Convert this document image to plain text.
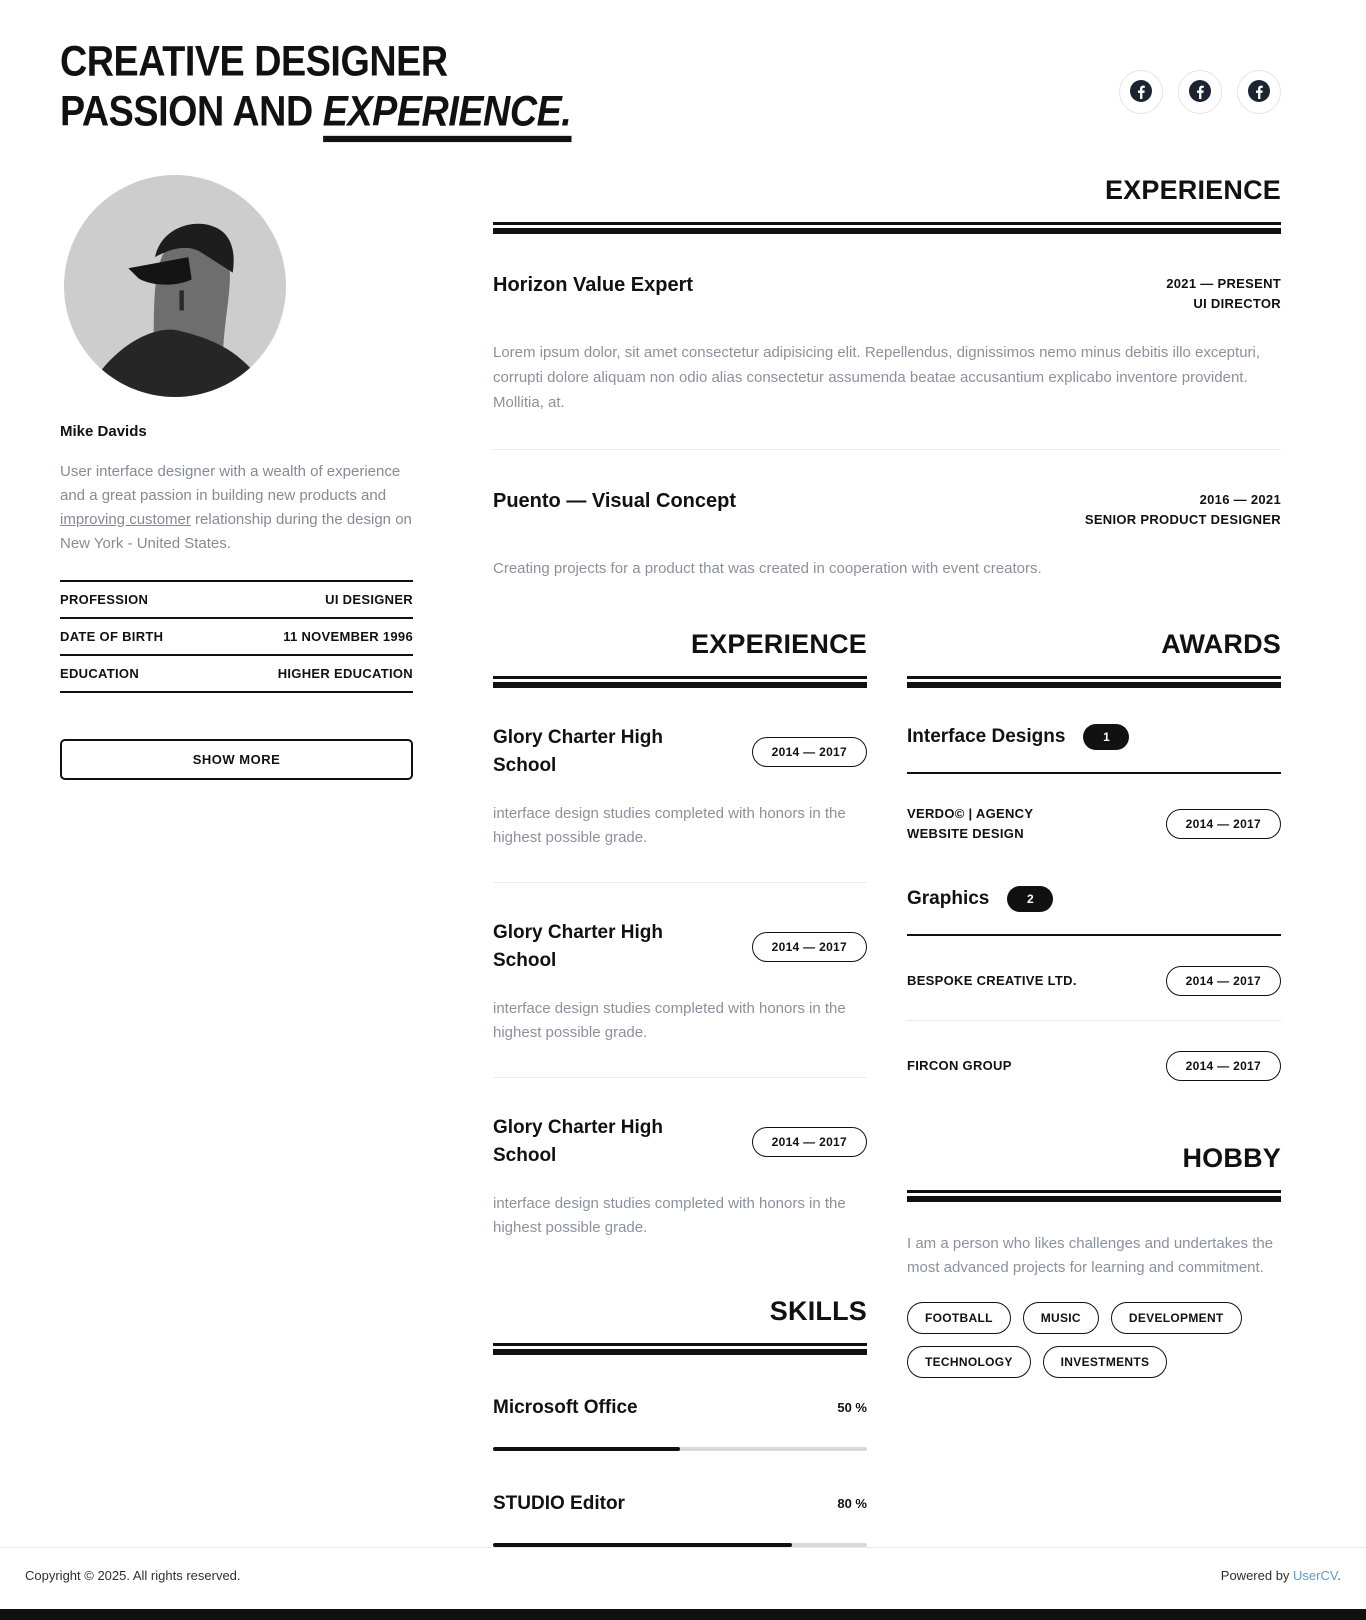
CREATIVE DESIGNER
PASSION AND EXPERIENCE.
Mike Davids

User interface designer with a wealth of experience and a great passion in building new products and improving customer relationship during the design on New York - United States.

PROFESSION	UI DESIGNER
DATE OF BIRTH	11 NOVEMBER 1996
EDUCATION	HIGHER EDUCATION
SHOW MORE
EXPERIENCE
Horizon Value Expert	2021 — PRESENT
UI DIRECTOR

Lorem ipsum dolor, sit amet consectetur adipisicing elit. Repellendus, dignissimos nemo minus debitis illo excepturi, corrupti dolore aliquam non odio alias consectetur assumenda beatae accusantium explicabo inventore provident. Mollitia, at.

Puento — Visual Concept	2016 — 2021
SENIOR PRODUCT DESIGNER

Creating projects for a product that was created in cooperation with event creators.

EXPERIENCE
Glory Charter High School
2014 — 2017

interface design studies completed with honors in the highest possible grade.

Glory Charter High School
2014 — 2017

interface design studies completed with honors in the highest possible grade.

Glory Charter High School
2014 — 2017

interface design studies completed with honors in the highest possible grade.

SKILLS
Microsoft Office	50 %
STUDIO Editor	80 %
AWARDS
Interface Designs	1
VERDO© | AGENCY
WEBSITE DESIGN
2014 — 2017
Graphics	2
BESPOKE CREATIVE LTD.	2014 — 2017
FIRCON GROUP	2014 — 2017
HOBBY

I am a person who likes challenges and undertakes the most advanced projects for learning and commitment.

FOOTBALL	MUSIC	DEVELOPMENT
TECHNOLOGY	INVESTMENTS
Copyright © 2025. All rights reserved.	Powered by UserCV.
